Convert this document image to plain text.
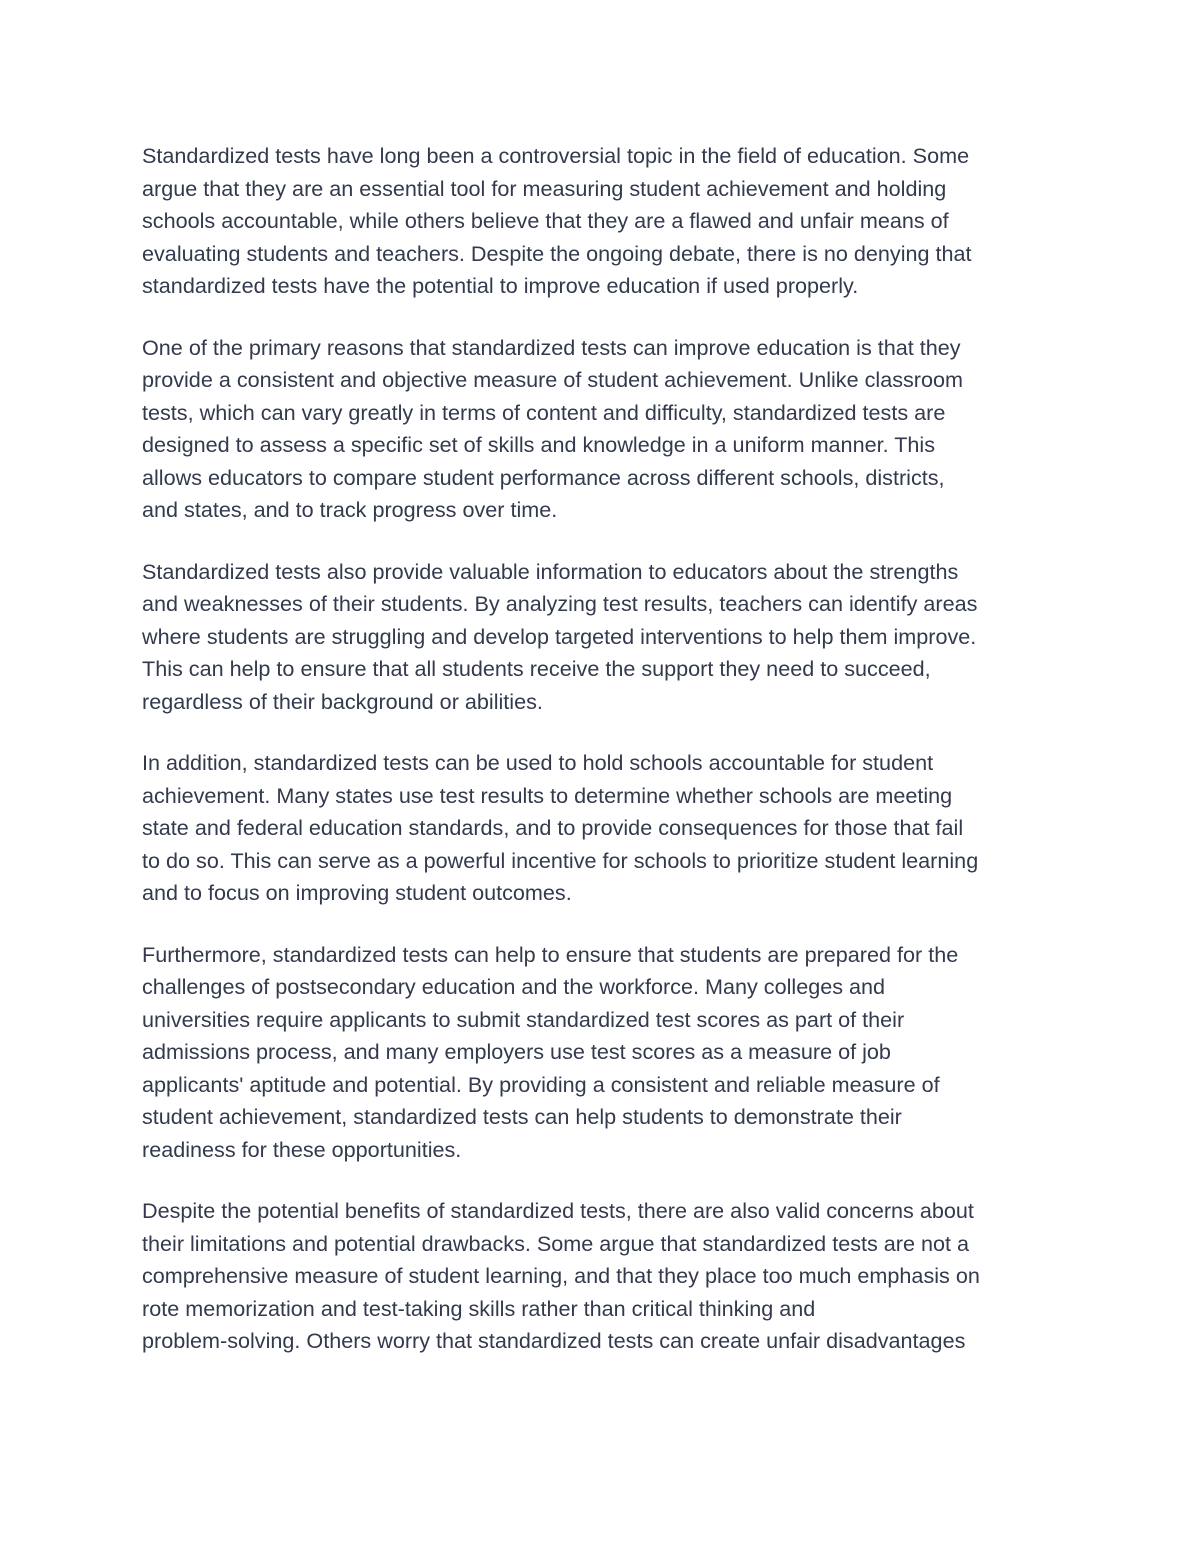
Standardized tests have long been a controversial topic in the field of education. Some
argue that they are an essential tool for measuring student achievement and holding
schools accountable, while others believe that they are a flawed and unfair means of
evaluating students and teachers. Despite the ongoing debate, there is no denying that
standardized tests have the potential to improve education if used properly.
One of the primary reasons that standardized tests can improve education is that they
provide a consistent and objective measure of student achievement. Unlike classroom
tests, which can vary greatly in terms of content and difficulty, standardized tests are
designed to assess a specific set of skills and knowledge in a uniform manner. This
allows educators to compare student performance across different schools, districts,
and states, and to track progress over time.
Standardized tests also provide valuable information to educators about the strengths
and weaknesses of their students. By analyzing test results, teachers can identify areas
where students are struggling and develop targeted interventions to help them improve.
This can help to ensure that all students receive the support they need to succeed,
regardless of their background or abilities.
In addition, standardized tests can be used to hold schools accountable for student
achievement. Many states use test results to determine whether schools are meeting
state and federal education standards, and to provide consequences for those that fail
to do so. This can serve as a powerful incentive for schools to prioritize student learning
and to focus on improving student outcomes.
Furthermore, standardized tests can help to ensure that students are prepared for the
challenges of postsecondary education and the workforce. Many colleges and
universities require applicants to submit standardized test scores as part of their
admissions process, and many employers use test scores as a measure of job
applicants' aptitude and potential. By providing a consistent and reliable measure of
student achievement, standardized tests can help students to demonstrate their
readiness for these opportunities.
Despite the potential benefits of standardized tests, there are also valid concerns about
their limitations and potential drawbacks. Some argue that standardized tests are not a
comprehensive measure of student learning, and that they place too much emphasis on
rote memorization and test-taking skills rather than critical thinking and
problem-solving. Others worry that standardized tests can create unfair disadvantages
